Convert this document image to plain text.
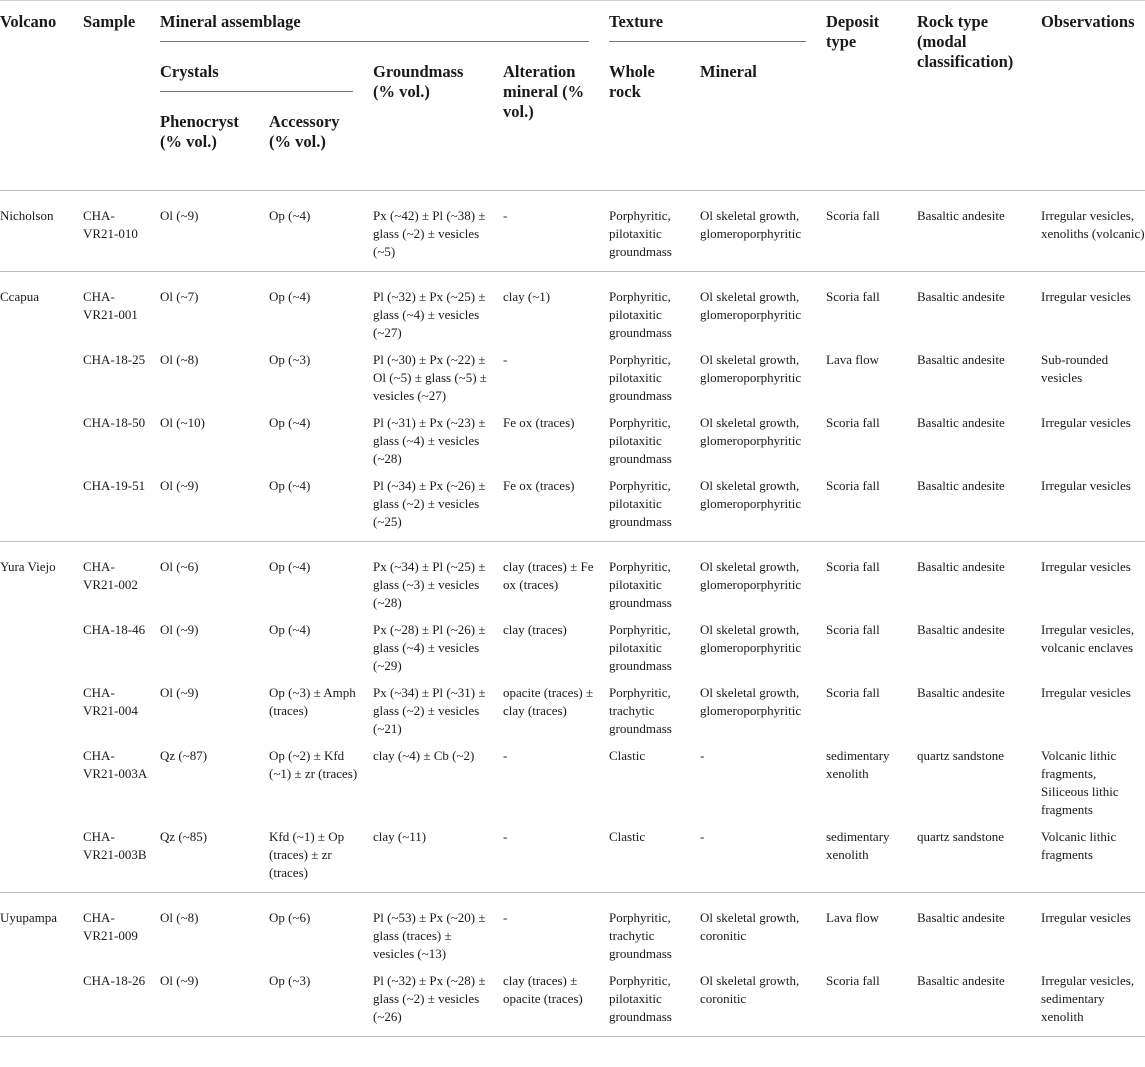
Volcano	Sample	Mineral assemblage				Texture		Deposit type	Rock type (modal classification)	Observations

		Crystals		Groundmass (% vol.)	Alteration mineral (% vol.)	Whole rock	Mineral			

		Phenocryst (% vol.)	Accessory (% vol.)							

Nicholson	CHA-VR21-010	Ol (~9)	Op (~4)	Px (~42) ± Pl (~38) ± glass (~2) ± vesicles (~5)	-	Porphyritic, pilotaxitic groundmass	Ol skeletal growth, glomeroporphyritic	Scoria fall	Basaltic andesite	Irregular vesicles, xenoliths (volcanic)

Ccapua	CHA-VR21-001	Ol (~7)	Op (~4)	Pl (~32) ± Px (~25) ± glass (~4) ± vesicles (~27)	clay (~1)	Porphyritic, pilotaxitic groundmass	Ol skeletal growth, glomeroporphyritic	Scoria fall	Basaltic andesite	Irregular vesicles

	CHA-18-25	Ol (~8)	Op (~3)	Pl (~30) ± Px (~22) ± Ol (~5) ± glass (~5) ± vesicles (~27)	-	Porphyritic, pilotaxitic groundmass	Ol skeletal growth, glomeroporphyritic	Lava flow	Basaltic andesite	Sub-rounded vesicles

	CHA-18-50	Ol (~10)	Op (~4)	Pl (~31) ± Px (~23) ± glass (~4) ± vesicles (~28)	Fe ox (traces)	Porphyritic, pilotaxitic groundmass	Ol skeletal growth, glomeroporphyritic	Scoria fall	Basaltic andesite	Irregular vesicles

	CHA-19-51	Ol (~9)	Op (~4)	Pl (~34) ± Px (~26) ± glass (~2) ± vesicles (~25)	Fe ox (traces)	Porphyritic, pilotaxitic groundmass	Ol skeletal growth, glomeroporphyritic	Scoria fall	Basaltic andesite	Irregular vesicles

Yura Viejo	CHA-VR21-002	Ol (~6)	Op (~4)	Px (~34) ± Pl (~25) ± glass (~3) ± vesicles (~28)	clay (traces) ± Fe ox (traces)	Porphyritic, pilotaxitic groundmass	Ol skeletal growth, glomeroporphyritic	Scoria fall	Basaltic andesite	Irregular vesicles

	CHA-18-46	Ol (~9)	Op (~4)	Px (~28) ± Pl (~26) ± glass (~4) ± vesicles (~29)	clay (traces)	Porphyritic, pilotaxitic groundmass	Ol skeletal growth, glomeroporphyritic	Scoria fall	Basaltic andesite	Irregular vesicles, volcanic enclaves

	CHA-VR21-004	Ol (~9)	Op (~3) ± Amph (traces)	Px (~34) ± Pl (~31) ± glass (~2) ± vesicles (~21)	opacite (traces) ± clay (traces)	Porphyritic, trachytic groundmass	Ol skeletal growth, glomeroporphyritic	Scoria fall	Basaltic andesite	Irregular vesicles

	CHA-VR21-003A	Qz (~87)	Op (~2) ± Kfd (~1) ± zr (traces)	clay (~4) ± Cb (~2)	-	Clastic	-	sedimentary xenolith	quartz sandstone	Volcanic lithic fragments, Siliceous lithic fragments

	CHA-VR21-003B	Qz (~85)	Kfd (~1) ± Op (traces) ± zr (traces)	clay (~11)	-	Clastic	-	sedimentary xenolith	quartz sandstone	Volcanic lithic fragments

Uyupampa	CHA-VR21-009	Ol (~8)	Op (~6)	Pl (~53) ± Px (~20) ± glass (traces) ± vesicles (~13)	-	Porphyritic, trachytic groundmass	Ol skeletal growth, coronitic	Lava flow	Basaltic andesite	Irregular vesicles

	CHA-18-26	Ol (~9)	Op (~3)	Pl (~32) ± Px (~28) ± glass (~2) ± vesicles (~26)	clay (traces) ± opacite (traces)	Porphyritic, pilotaxitic groundmass	Ol skeletal growth, coronitic	Scoria fall	Basaltic andesite	Irregular vesicles, sedimentary xenolith
